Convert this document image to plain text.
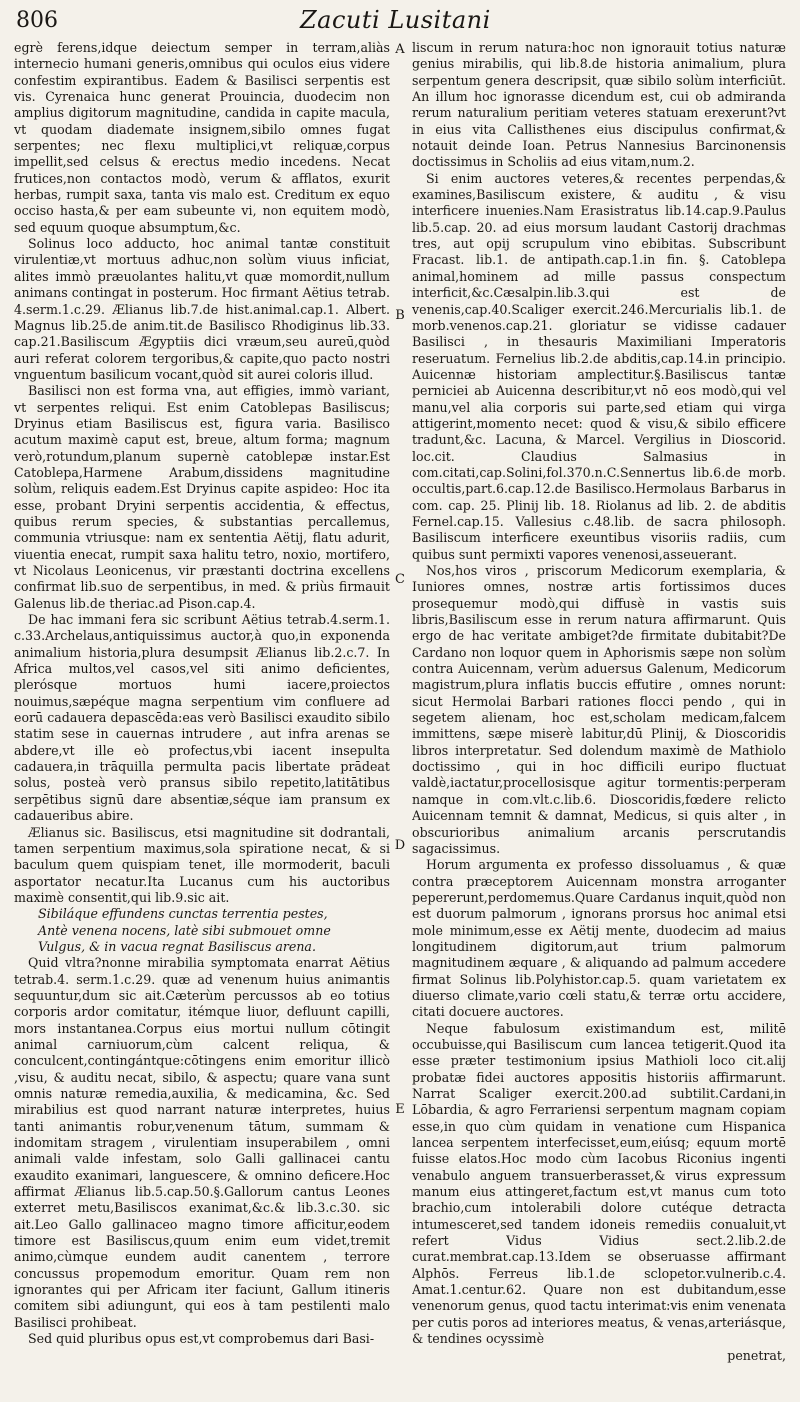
806	Zacuti Lusitani

egrè ferens,idque deiectum semper in terram,aliàs internecio humani generis,omnibus qui oculos eius videre confestim expirantibus. Eadem & Basilisci serpentis est vis. Cyrenaica hunc generat Prouincia, duodecim non amplius digitorum magnitudine, candida in capite macula, vt quodam diademate insignem,sibilo omnes fugat serpentes; nec flexu multiplici,vt reliquæ,corpus impellit,sed celsus & erectus medio incedens. Necat frutices,non contactos modò, verum & afflatos, exurit herbas, rumpit saxa, tanta vis malo est. Creditum ex equo occiso hasta,& per eam subeunte vi, non equitem modò, sed equum quoque absumptum,&c.

Solinus loco adducto, hoc animal tantæ constituit virulentiæ,vt mortuus adhuc,non solùm viuus inficiat, alites immò præuolantes halitu,vt quæ momordit,nullum animans contingat in posterum. Hoc firmant Aëtius tetrab. 4.serm.1.c.29. Ælianus lib.7.de hist.animal.cap.1. Albert. Magnus lib.25.de anim.tit.de Basilisco Rhodiginus lib.33. cap.21.Basiliscum Ægyptiis dici vræum,seu aureū,quòd auri referat colorem tergoribus,& capite,quo pacto nostri vnguentum basilicum vocant,quòd sit aurei coloris illud.

Basilisci non est forma vna, aut effigies, immò variant, vt serpentes reliqui. Est enim Catoblepas Basiliscus; Dryinus etiam Basiliscus est, figura varia. Basilisco acutum maximè caput est, breue, altum forma; magnum verò,rotundum,planum supernè catoblepæ instar.Est Catoblepa,Harmene Arabum,dissidens magnitudine solùm, reliquis eadem.Est Dryinus capite aspideo: Hoc ita esse, probant Dryini serpentis accidentia, & effectus, quibus rerum species, & substantias percallemus, communia vtriusque: nam ex sententia Aëtij, flatu adurit, viuentia enecat, rumpit saxa halitu tetro, noxio, mortifero, vt Nicolaus Leonicenus, vir præstanti doctrina excellens confirmat lib.suo de serpentibus, in med. & priùs firmauit Galenus lib.de theriac.ad Pison.cap.4.

De hac immani fera sic scribunt Aëtius tetrab.4.serm.1. c.33.Archelaus,antiquissimus auctor,à quo,in exponenda animalium historia,plura desumpsit Ælianus lib.2.c.7. In Africa multos,vel casos,vel siti animo deficientes, plerósque mortuos humi iacere,proiectos nouimus,sæpéque magna serpentium vim confluere ad eorū cadauera depascēda:eas verò Basilisci exaudito sibilo statim sese in cauernas intrudere , aut infra arenas se abdere,vt ille eò profectus,vbi iacent insepulta cadauera,in trāquilla permulta pacis libertate prādeat solus, posteà verò pransus sibilo repetito,latitātibus serpētibus signū dare absentiæ,séque iam pransum ex cadaueribus abire.

Ælianus sic. Basiliscus, etsi magnitudine sit dodrantali, tamen serpentium maximus,sola spiratione necat, & si baculum quem quispiam tenet, ille mormoderit, baculi asportator necatur.Ita Lucanus cum his auctoribus maximè consentit,qui lib.9.sic ait.

Sibiláque effundens cunctas terrentia pestes,

Antè venena nocens, latè sibi submouet omne

Vulgus, & in vacua regnat Basiliscus arena.

Quid vltra?nonne mirabilia symptomata enarrat Aëtius tetrab.4. serm.1.c.29. quæ ad venenum huius animantis sequuntur,dum sic ait.Cæterùm percussos ab eo totius corporis ardor comitatur, itémque liuor, defluunt capilli, mors instantanea.Corpus eius mortui nullum cōtingit animal carniuorum,cùm calcent reliqua, & conculcent,contingántque:cōtingens enim emoritur illicò ,visu, & auditu necat, sibilo, & aspectu; quare vana sunt omnis naturæ remedia,auxilia, & medicamina, &c. Sed mirabilius est quod narrant naturæ interpretes, huius tanti animantis robur,venenum tātum, summam & indomitam stragem , virulentiam insuperabilem , omni animali valde infestam, solo Galli gallinacei cantu exaudito exanimari, languescere, & omnino deficere.Hoc affirmat Ælianus lib.5.cap.50.§.Gallorum cantus Leones exterret metu,Basiliscos exanimat,&c.& lib.3.c.30. sic ait.Leo Gallo gallinaceo magno timore afficitur,eodem timore est Basiliscus,quum enim eum videt,tremit animo,cùmque eundem audit canentem , terrore concussus propemodum emoritur. Quam rem non ignorantes qui per Africam iter faciunt, Gallum itineris comitem sibi adiungunt, qui eos à tam pestilenti malo Basilisci prohibeat.

Sed quid pluribus opus est,vt comprobemus dari Basi-

A
B
C
D
E

liscum in rerum natura:hoc non ignorauit totius naturæ genius mirabilis, qui lib.8.de historia animalium, plura serpentum genera descripsit, quæ sibilo solùm interficiūt. An illum hoc ignorasse dicendum est, cui ob admiranda rerum naturalium peritiam veteres statuam erexerunt?vt in eius vita Callisthenes eius discipulus confirmat,& notauit deinde Ioan. Petrus Nannesius Barcinonensis doctissimus in Scholiis ad eius vitam,num.2.

Si enim auctores veteres,& recentes perpendas,& examines,Basiliscum existere, & auditu , & visu interficere inuenies.Nam Erasistratus lib.14.cap.9.Paulus lib.5.cap. 20. ad eius morsum laudant Castorij drachmas tres, aut opij scrupulum vino ebibitas. Subscribunt Fracast. lib.1. de antipath.cap.1.in fin. §. Catoblepa animal,hominem ad mille passus conspectum interficit,&c.Cæsalpin.lib.3.qui est de venenis,cap.40.Scaliger exercit.246.Mercurialis lib.1. de morb.venenos.cap.21. gloriatur se vidisse cadauer Basilisci , in thesauris Maximiliani Imperatoris reseruatum. Fernelius lib.2.de abditis,cap.14.in principio. Auicennæ historiam amplectitur.§.Basiliscus tantæ perniciei ab Auicenna describitur,vt nō eos modò,qui vel manu,vel alia corporis sui parte,sed etiam qui virga attigerint,momento necet: quod & visu,& sibilo efficere tradunt,&c. Lacuna, & Marcel. Vergilius in Dioscorid. loc.cit. Claudius Salmasius in com.citati,cap.Solini,fol.370.n.C.Sennertus lib.6.de morb. occultis,part.6.cap.12.de Basilisco.Hermolaus Barbarus in com. cap. 25. Plinij lib. 18. Riolanus ad lib. 2. de abditis Fernel.cap.15. Vallesius c.48.lib. de sacra philosoph. Basiliscum interficere exeuntibus visoriis radiis, cum quibus sunt permixti vapores venenosi,asseuerant.

Nos,hos viros , priscorum Medicorum exemplaria, & Iuniores omnes, nostræ artis fortissimos duces prosequemur modò,qui diffusè in vastis suis libris,Basiliscum esse in rerum natura affirmarunt. Quis ergo de hac veritate ambiget?de firmitate dubitabit?De Cardano non loquor quem in Aphorismis sæpe non solùm contra Auicennam, verùm aduersus Galenum, Medicorum magistrum,plura inflatis buccis effutire , omnes norunt: sicut Hermolai Barbari rationes flocci pendo , qui in segetem alienam, hoc est,scholam medicam,falcem immittens, sæpe miserè labitur,dū Plinij, & Dioscoridis libros interpretatur. Sed dolendum maximè de Mathiolo doctissimo , qui in hoc difficili euripo fluctuat valdè,iactatur,procellosisque agitur tormentis:perperam namque in com.vlt.c.lib.6. Dioscoridis,fœdere relicto Auicennam temnit & damnat, Medicus, si quis alter , in obscurioribus animalium arcanis perscrutandis sagacissimus.

Horum argumenta ex professo dissoluamus , & quæ contra præceptorem Auicennam monstra arroganter pepererunt,perdomemus.Quare Cardanus inquit,quòd non est duorum palmorum , ignorans prorsus hoc animal etsi mole minimum,esse ex Aëtij mente, duodecim ad maius longitudinem digitorum,aut trium palmorum magnitudinem æquare , & aliquando ad palmum accedere firmat Solinus lib.Polyhistor.cap.5. quam varietatem ex diuerso climate,vario cœli statu,& terræ ortu accidere, citati docuere auctores.

Neque fabulosum existimandum est, militē occubuisse,qui Basiliscum cum lancea tetigerit.Quod ita esse præter testimonium ipsius Mathioli loco cit.alij probatæ fidei auctores appositis historiis affirmarunt. Narrat Scaliger exercit.200.ad subtilit.Cardani,in Lōbardia, & agro Ferrariensi serpentum magnam copiam esse,in quo cùm quidam in venatione cum Hispanica lancea serpentem interfecisset,eum,eiúsq; equum mortē fuisse elatos.Hoc modo cùm Iacobus Riconius ingenti venabulo anguem transuerberasset,& virus expressum manum eius attingeret,factum est,vt manus cum toto brachio,cum intolerabili dolore cutéque detracta intumesceret,sed tandem idoneis remediis conualuit,vt refert Vidus Vidius sect.2.lib.2.de curat.membrat.cap.13.Idem se obseruasse affirmant Alphōs. Ferreus lib.1.de sclopetor.vulnerib.c.4. Amat.1.centur.62. Quare non est dubitandum,esse venenorum genus, quod tactu interimat:vis enim venenata per cutis poros ad interiores meatus, & venas,arteriásque, & tendines ocyssimè

penetrat,
